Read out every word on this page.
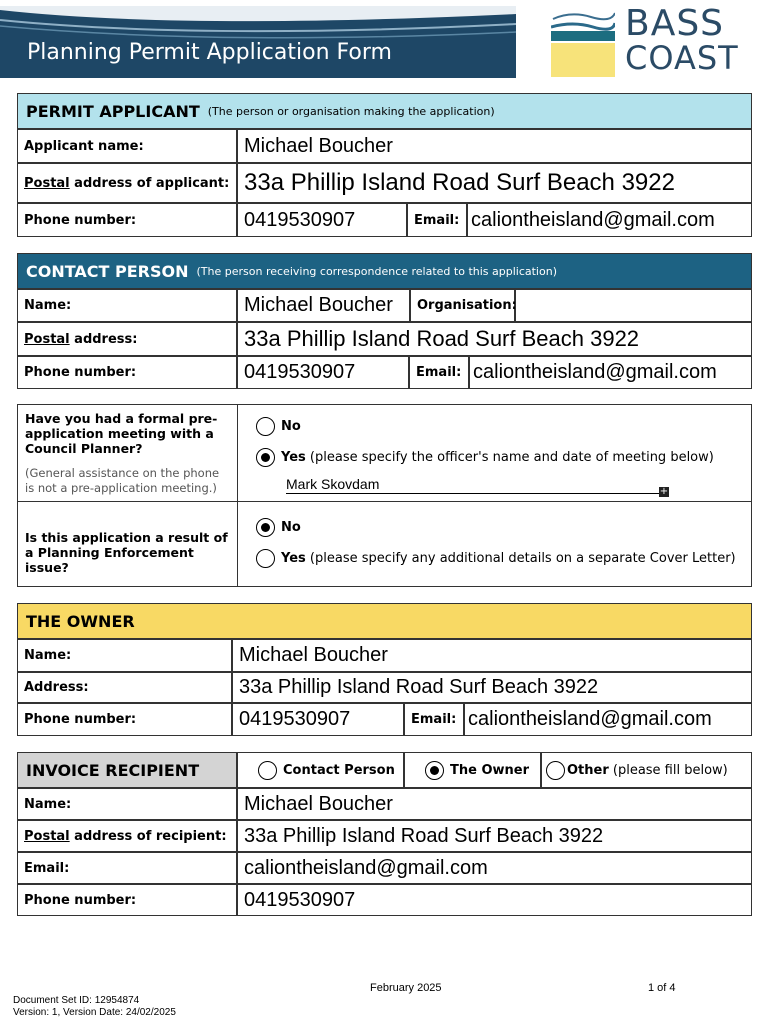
Planning Permit Application Form
BASS
COAST
PERMIT APPLICANT (The person or organisation making the application)
Applicant name:	Michael Boucher
Postal address of applicant: 33a Phillip Island Road Surf Beach 3922
Phone number:	0419530907	Email: caliontheisland@gmail.com
CONTACT PERSON (The person receiving correspondence related to this application)
Name:	Michael Boucher Organisation:
Postal address:	33a Phillip Island Road Surf Beach 3922
Phone number:	0419530907	Email: caliontheisland@gmail.com
Have you had a formal pre-application meeting with a Council Planner?
(General assistance on the phone is not a pre-application meeting.)
No
Yes (please specify the officer's name and date of meeting below)
Mark Skovdam	+
Is this application a result of a Planning Enforcement issue?
No
Yes (please specify any additional details on a separate Cover Letter)
THE OWNER
Name:	Michael Boucher
Address:	33a Phillip Island Road Surf Beach 3922
Phone number:	0419530907	Email: caliontheisland@gmail.com
INVOICE RECIPIENT	Contact Person	The Owner	Other (please fill below)
Name:	Michael Boucher
Postal address of recipient: 33a Phillip Island Road Surf Beach 3922
Email:	caliontheisland@gmail.com
Phone number:	0419530907
February 2025	1 of 4
Document Set ID: 12954874
Version: 1, Version Date: 24/02/2025
